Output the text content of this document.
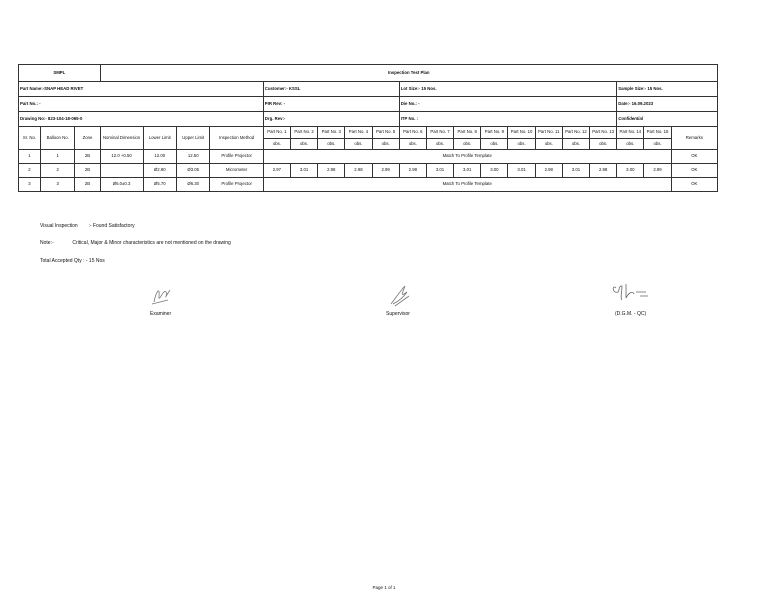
SMPL			Inspection Test Plan																			
Part Name:-SNAP HEAD RIVET							Customer:- KSSL					Lot Size:- 15 Nos.								Sample Size:- 15 Nos.		
Part No.: -							PIR Rev: -					Die No.: -								Date:- 16.09.2023		
Drawing No:- 823-104-18-065-0							Drg. Rev:-					ITP No. :								Confidential		
Sr. No.	Balloon No.	Zone	Nominal Dimension	Lower Limit	Upper Limit	Inspection Method	Part No. 1	Part No. 2	Part No. 3	Part No. 4	Part No. 5	Part No. 6	Part No. 7	Part No. 8	Part No. 9	Part No. 10	Part No. 11	Part No. 12	Part No. 13	Part No. 14	Part No. 15	Remarks
							obs.	obs.	obs.	obs.	obs.	obs.	obs.	obs.	obs.	obs.	obs.	obs.	obs.	obs.	obs.	
1	1	2B	12.0 +0.50	12.00	12.50	Profile Projector	Match To Profile Template															OK
2	2	2B		Ø2.90	Ø3.05	Micrometer	2.97	3.01	2.98	2.98	2.99	2.98	3.01	3.01	3.00	3.01	2.98	3.01	2.98	3.00	2.99	OK
3	3	2B	Ø6.0±0.3	Ø5.70	Ø6.30	Profile Projector	Match To Profile Template															OK
Visual Inspection :- Found Satisfactory
Note:-	Critical, Major & Minor characteristics are not mentioned on the drawing
Total Accepted Qty : - 15 Nos
Examiner	Supervisor	(D.G.M. - QC)
Page 1 of 1
